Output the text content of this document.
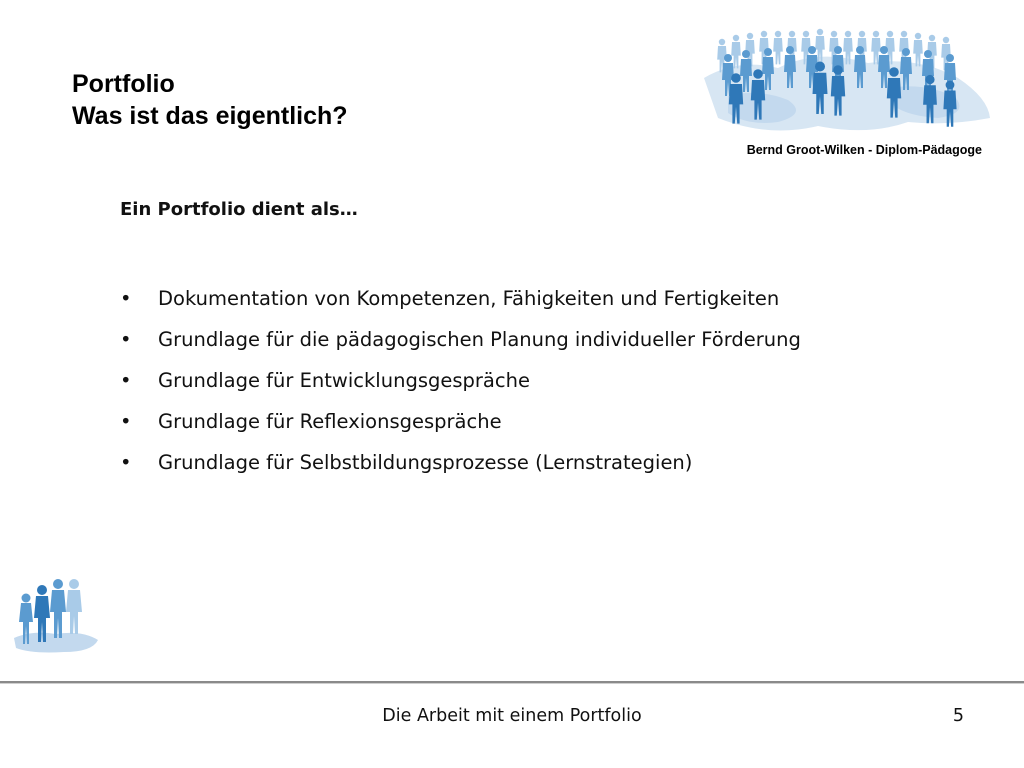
Portfolio
Was ist das eigentlich?
Bernd Groot-Wilken - Diplom-Pädagoge

Ein Portfolio dient als…

• Dokumentation von Kompetenzen, Fähigkeiten und Fertigkeiten
• Grundlage für die pädagogischen Planung individueller Förderung
• Grundlage für Entwicklungsgespräche
• Grundlage für Reflexionsgespräche
• Grundlage für Selbstbildungsprozesse (Lernstrategien)
Die Arbeit mit einem Portfolio	5
